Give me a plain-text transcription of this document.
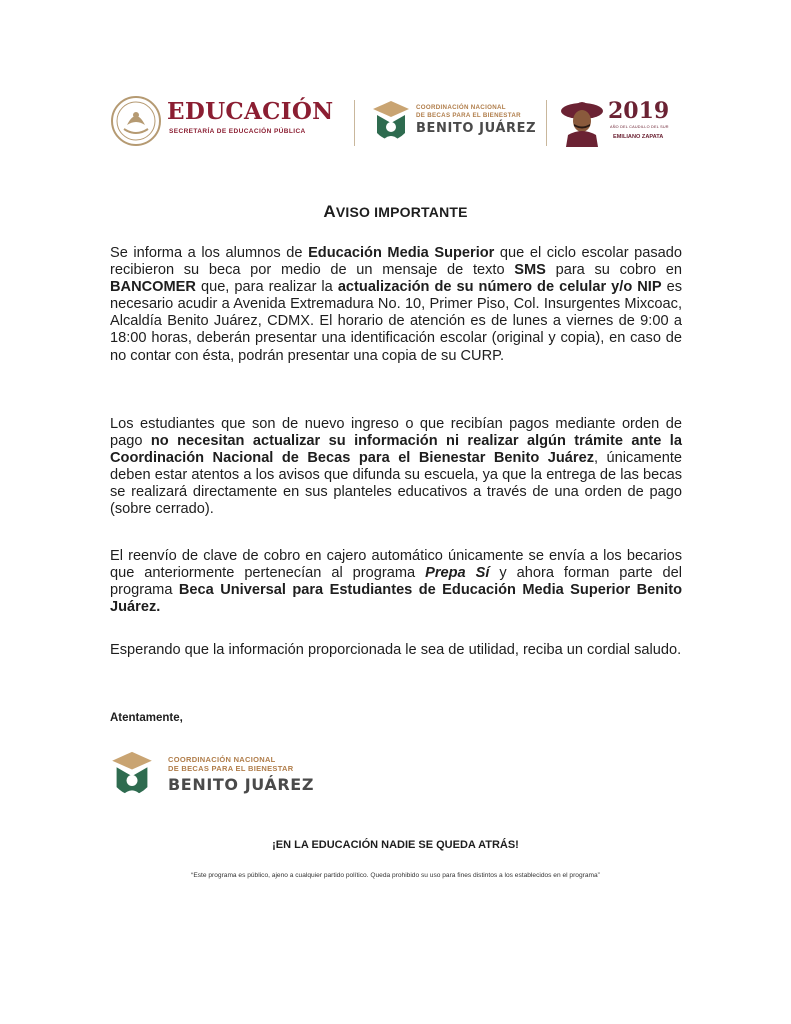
EDUCACIÓN
SECRETARÍA DE EDUCACIÓN PÚBLICA
COORDINACIÓN NACIONAL
DE BECAS PARA EL BIENESTAR
BENITO JUÁREZ
2019
AÑO DEL CAUDILLO DEL SUR
EMILIANO ZAPATA
AVISO IMPORTANTE

Se informa a los alumnos de Educación Media Superior que el ciclo escolar pasado recibieron su beca por medio de un mensaje de texto SMS para su cobro en BANCOMER que, para realizar la actualización de su número de celular y/o NIP es necesario acudir a Avenida Extremadura No. 10, Primer Piso, Col. Insurgentes Mixcoac, Alcaldía Benito Juárez, CDMX. El horario de atención es de lunes a viernes de 9:00 a 18:00 horas, deberán presentar una identificación escolar (original y copia), en caso de no contar con ésta, podrán presentar una copia de su CURP.

Los estudiantes que son de nuevo ingreso o que recibían pagos mediante orden de pago no necesitan actualizar su información ni realizar algún trámite ante la Coordinación Nacional de Becas para el Bienestar Benito Juárez, únicamente deben estar atentos a los avisos que difunda su escuela, ya que la entrega de las becas se realizará directamente en sus planteles educativos a través de una orden de pago (sobre cerrado).

El reenvío de clave de cobro en cajero automático únicamente se envía a los becarios que anteriormente pertenecían al programa Prepa Sí y ahora forman parte del programa Beca Universal para Estudiantes de Educación Media Superior Benito Juárez.

Esperando que la información proporcionada le sea de utilidad, reciba un cordial saludo.

Atentamente,
COORDINACIÓN NACIONAL
DE BECAS PARA EL BIENESTAR
BENITO JUÁREZ
¡EN LA EDUCACIÓN NADIE SE QUEDA ATRÁS!
“Este programa es público, ajeno a cualquier partido político. Queda prohibido su uso para fines distintos a los establecidos en el programa”
